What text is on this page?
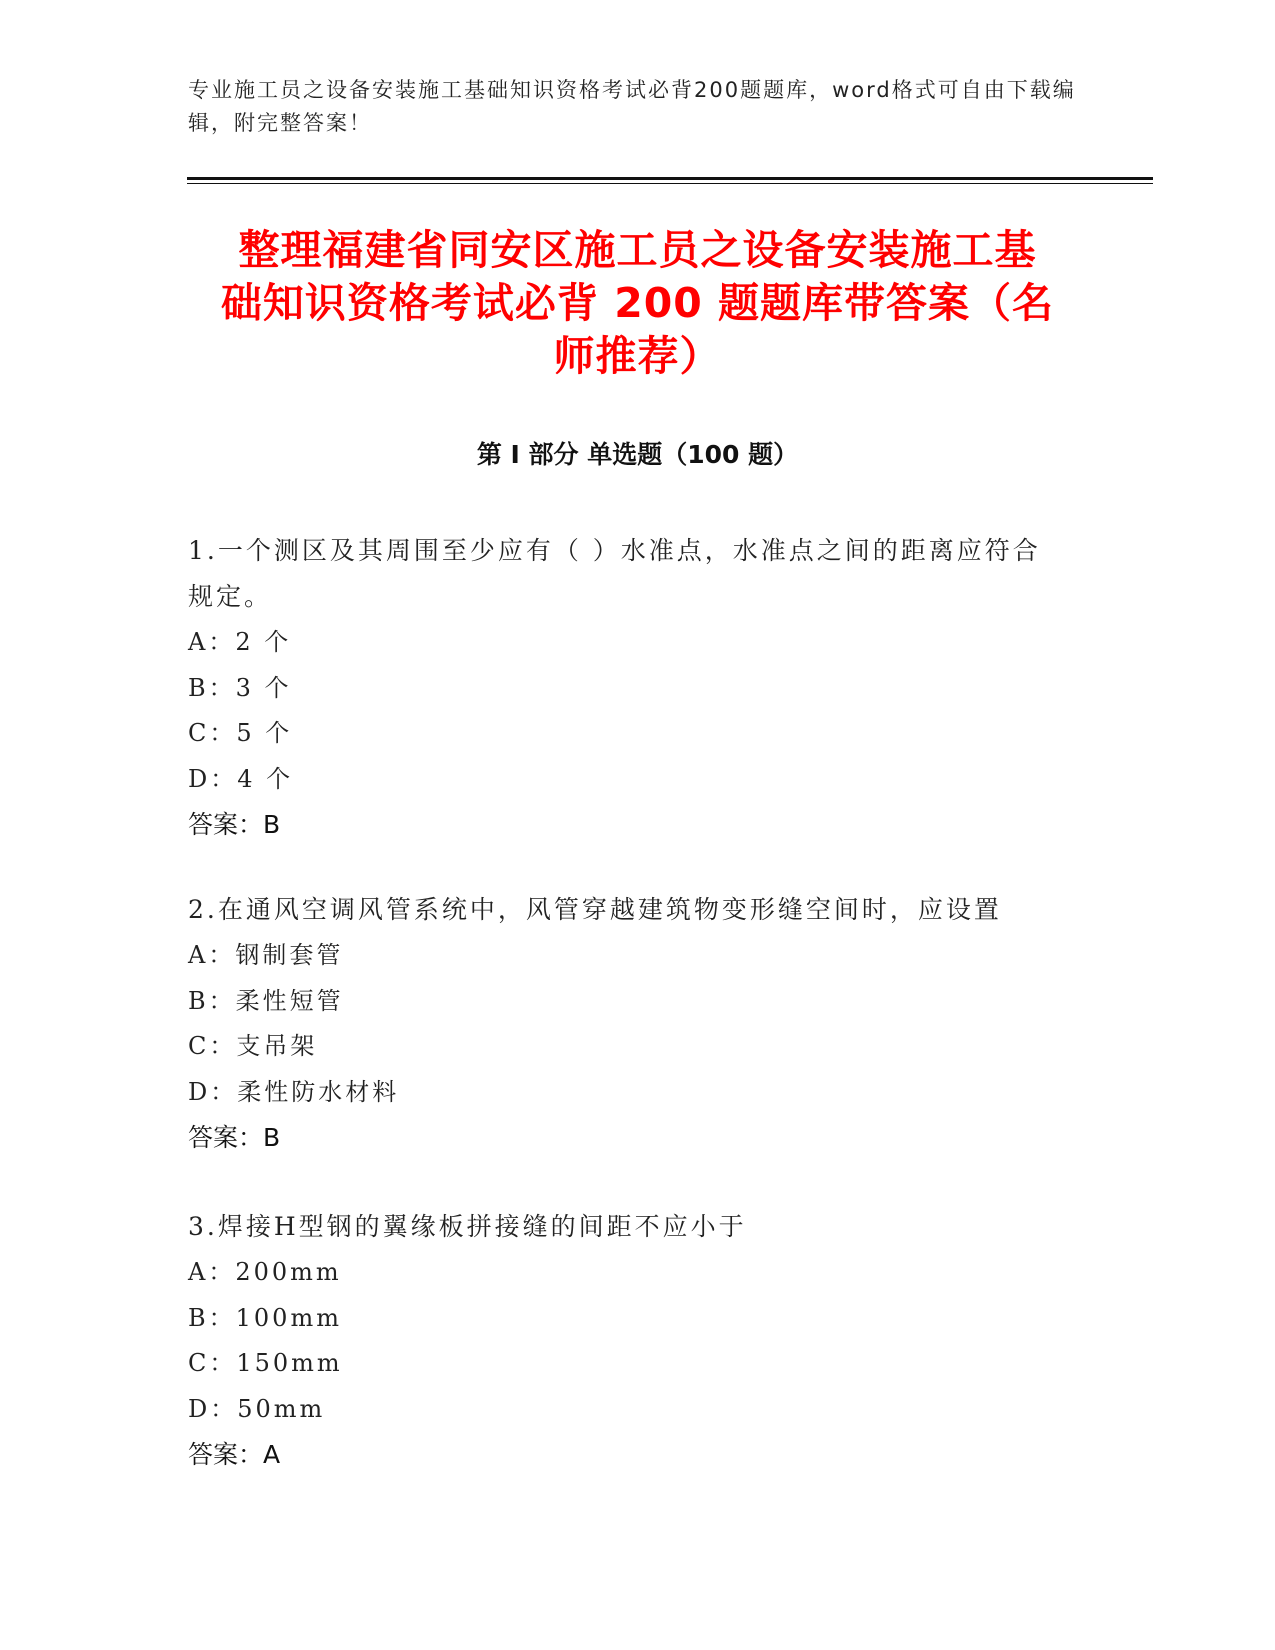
专业施工员之设备安装施工基础知识资格考试必背200题题库，word格式可自由下载编辑，附完整答案！
整理福建省同安区施工员之设备安装施工基
础知识资格考试必背 200 题题库带答案（名
师推荐）
第 I 部分 单选题（100 题）
1.一个测区及其周围至少应有（ ）水准点，水准点之间的距离应符合
规定。
A：2 个
B：3 个
C：5 个
D：4 个
答案：B
2.在通风空调风管系统中，风管穿越建筑物变形缝空间时，应设置
A：钢制套管
B：柔性短管
C：支吊架
D：柔性防水材料
答案：B
3.焊接H型钢的翼缘板拼接缝的间距不应小于
A：200mm
B：100mm
C：150mm
D：50mm
答案：A
